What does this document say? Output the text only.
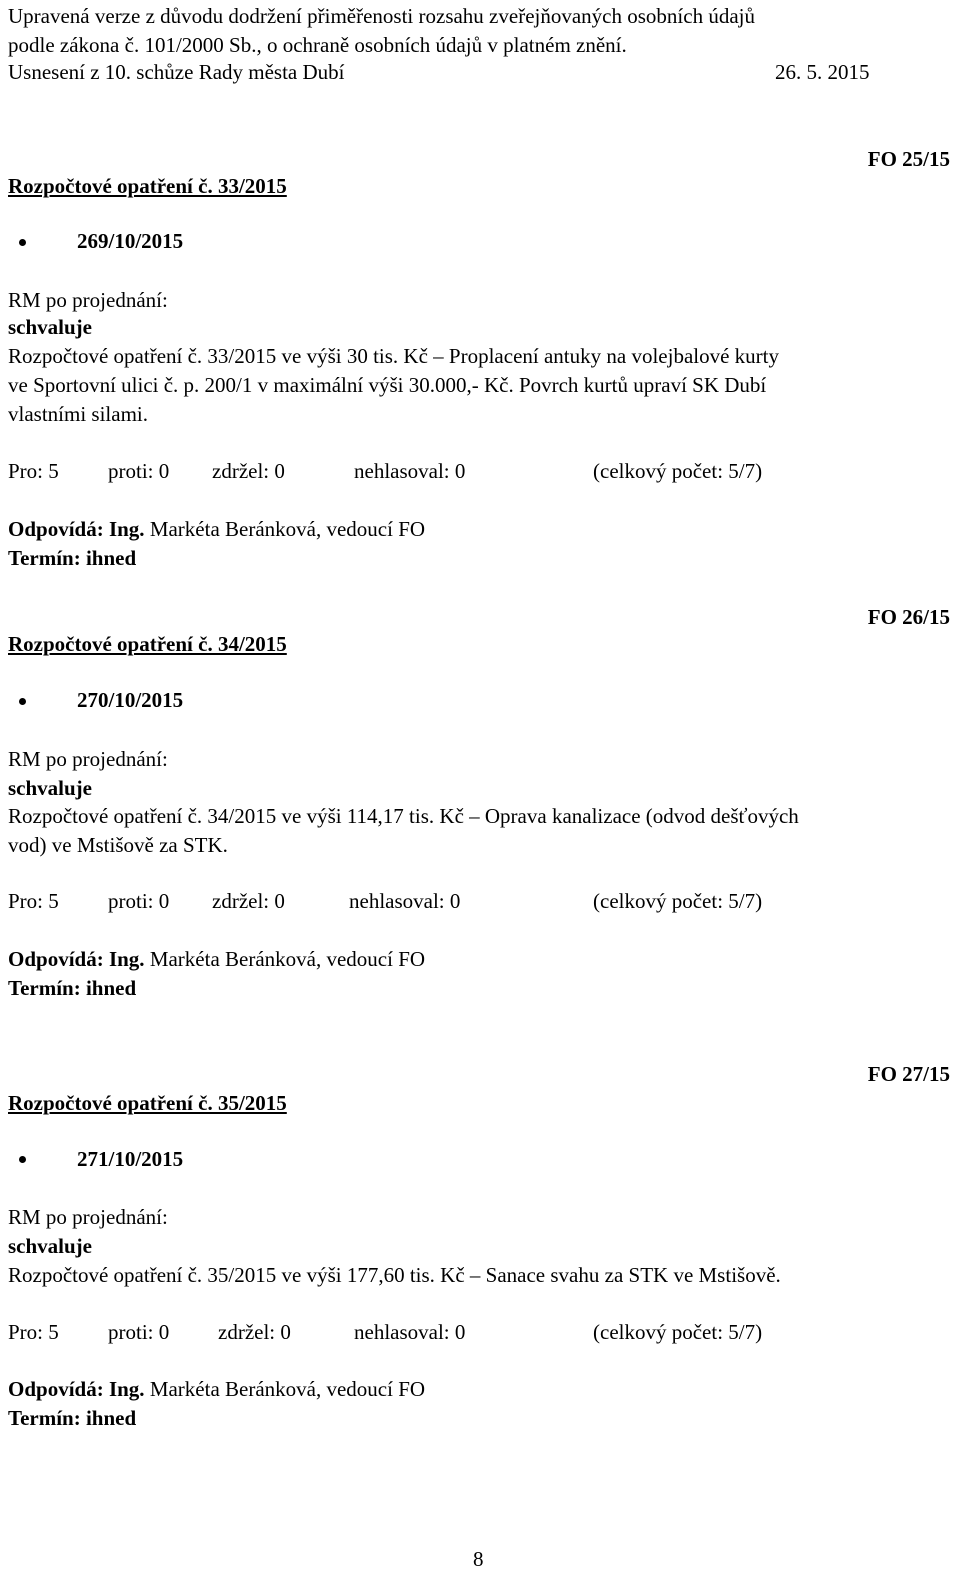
Upravená verze z důvodu dodržení přiměřenosti rozsahu zveřejňovaných osobních údajů
podle zákona č. 101/2000 Sb., o ochraně osobních údajů v platném znění.
Usnesení z 10. schůze Rady města Dubí	26. 5. 2015
FO 25/15
Rozpočtové opatření č. 33/2015
269/10/2015
RM po projednání:
schvaluje
Rozpočtové opatření č. 33/2015 ve výši 30 tis. Kč – Proplacení antuky na volejbalové kurty
ve Sportovní ulici č. p. 200/1 v maximální výši 30.000,- Kč. Povrch kurtů upraví SK Dubí
vlastními silami.
Pro: 5 proti: 0 zdržel: 0	nehlasoval: 0	(celkový počet: 5/7)
Odpovídá: Ing. Markéta Beránková, vedoucí FO
Termín: ihned
FO 26/15
Rozpočtové opatření č. 34/2015
270/10/2015
RM po projednání:
schvaluje
Rozpočtové opatření č. 34/2015 ve výši 114,17 tis. Kč – Oprava kanalizace (odvod dešťových
vod) ve Mstišově za STK.
Pro: 5 proti: 0 zdržel: 0	nehlasoval: 0	(celkový počet: 5/7)
Odpovídá: Ing. Markéta Beránková, vedoucí FO
Termín: ihned
FO 27/15
Rozpočtové opatření č. 35/2015
271/10/2015
RM po projednání:
schvaluje
Rozpočtové opatření č. 35/2015 ve výši 177,60 tis. Kč – Sanace svahu za STK ve Mstišově.
Pro: 5 proti: 0 zdržel: 0	nehlasoval: 0	(celkový počet: 5/7)
Odpovídá: Ing. Markéta Beránková, vedoucí FO
Termín: ihned
8
